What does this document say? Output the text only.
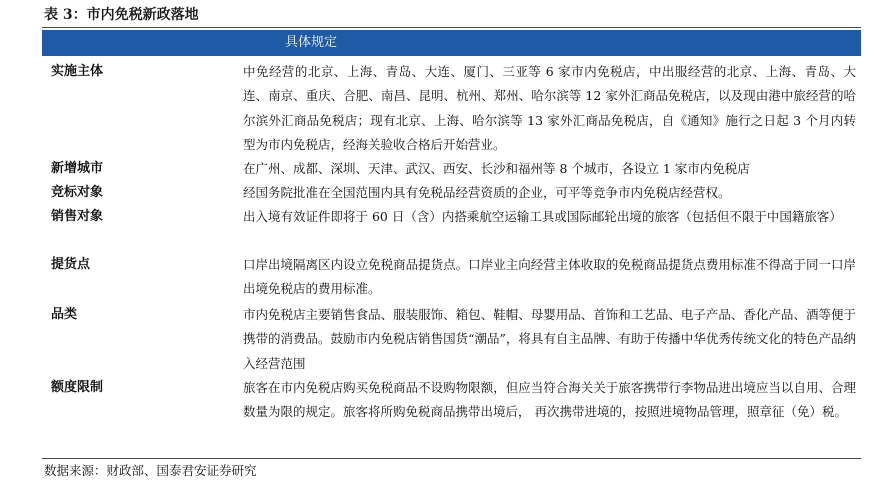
表 3：市内免税新政落地
具体规定
实施主体	中免经营的北京、上海、青岛、大连、厦门、三亚等 6 家市内免税店，中出服经营的北京、上海、青岛、大连、南京、重庆、合肥、南昌、昆明、杭州、郑州、哈尔滨等 12 家外汇商品免税店，以及现由港中旅经营的哈尔滨外汇商品免税店；现有北京、上海、哈尔滨等 13 家外汇商品免税店，自《通知》施行之日起 3 个月内转型为市内免税店，经海关验收合格后开始营业。
新增城市	在广州、成都、深圳、天津、武汉、西安、长沙和福州等 8 个城市，各设立 1 家市内免税店
竞标对象	经国务院批准在全国范围内具有免税品经营资质的企业，可平等竞争市内免税店经营权。
销售对象	出入境有效证件即将于 60 日（含）内搭乘航空运输工具或国际邮轮出境的旅客（包括但不限于中国籍旅客）
提货点	口岸出境隔离区内设立免税商品提货点。口岸业主向经营主体收取的免税商品提货点费用标准不得高于同一口岸出境免税店的费用标准。
品类	市内免税店主要销售食品、服装服饰、箱包、鞋帽、母婴用品、首饰和工艺品、电子产品、香化产品、酒等便于携带的消费品。鼓励市内免税店销售国货“潮品”，将具有自主品牌、有助于传播中华优秀传统文化的特色产品纳入经营范围
额度限制	旅客在市内免税店购买免税商品不设购物限额，但应当符合海关关于旅客携带行李物品进出境应当以自用、合理数量为限的规定。旅客将所购免税商品携带出境后， 再次携带进境的，按照进境物品管理，照章征（免）税。
数据来源：财政部、国泰君安证券研究
